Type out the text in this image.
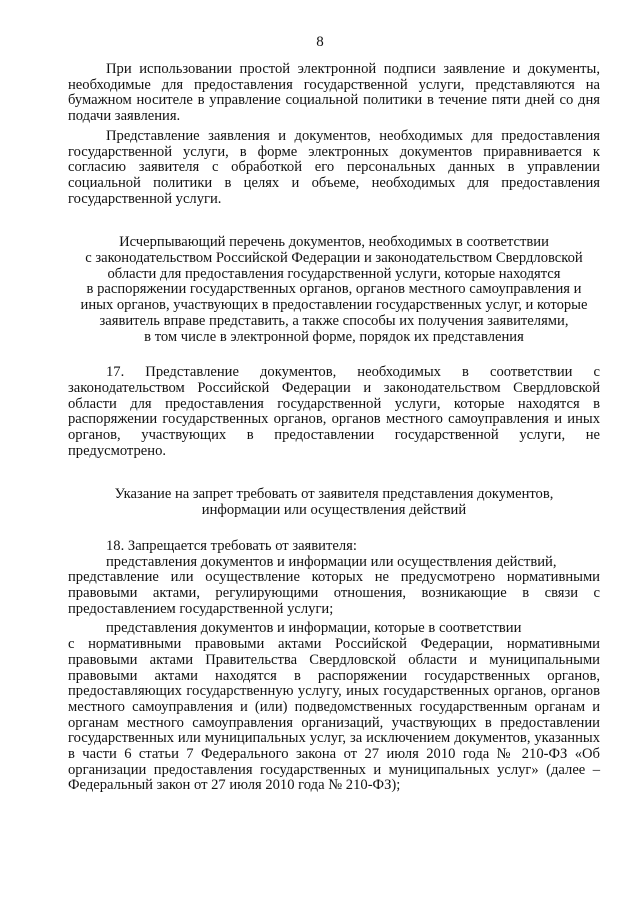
8

При использовании простой электронной подписи заявление и документы, необходимые для предоставления государственной услуги, представляются на бумажном носителе в управление социальной политики в течение пяти дней со дня подачи заявления.

Представление заявления и документов, необходимых для предоставления государственной услуги, в форме электронных документов приравнивается к согласию заявителя с обработкой его персональных данных в управлении социальной политики в целях и объеме, необходимых для предоставления государственной услуги.

Исчерпывающий перечень документов, необходимых в соответствии

с законодательством Российской Федерации и законодательством Свердловской

области для предоставления государственной услуги, которые находятся

в распоряжении государственных органов, органов местного самоуправления и

иных органов, участвующих в предоставлении государственных услуг, и которые

заявитель вправе представить, а также способы их получения заявителями,

в том числе в электронной форме, порядок их представления

17. Представление документов, необходимых в соответствии с законодательством Российской Федерации и законодательством Свердловской области для предоставления государственной услуги, которые находятся в распоряжении государственных органов, органов местного самоуправления и иных органов, участвующих в предоставлении государственной услуги, не предусмотрено.

Указание на запрет требовать от заявителя представления документов,

информации или осуществления действий

18. Запрещается требовать от заявителя:

представления документов и информации или осуществления действий,

представление или осуществление которых не предусмотрено нормативными правовыми актами, регулирующими отношения, возникающие в связи с предоставлением государственной услуги;

представления документов и информации, которые в соответствии

с нормативными правовыми актами Российской Федерации, нормативными правовыми актами Правительства Свердловской области и муниципальными правовыми актами находятся в распоряжении государственных органов, предоставляющих государственную услугу, иных государственных органов, органов местного самоуправления и (или) подведомственных государственным органам и органам местного самоуправления организаций, участвующих в предоставлении государственных или муниципальных услуг, за исключением документов, указанных в части 6 статьи 7 Федерального закона от 27 июля 2010 года № 210-ФЗ «Об организации предоставления государственных и муниципальных услуг» (далее – Федеральный закон от 27 июля 2010 года № 210-ФЗ);
